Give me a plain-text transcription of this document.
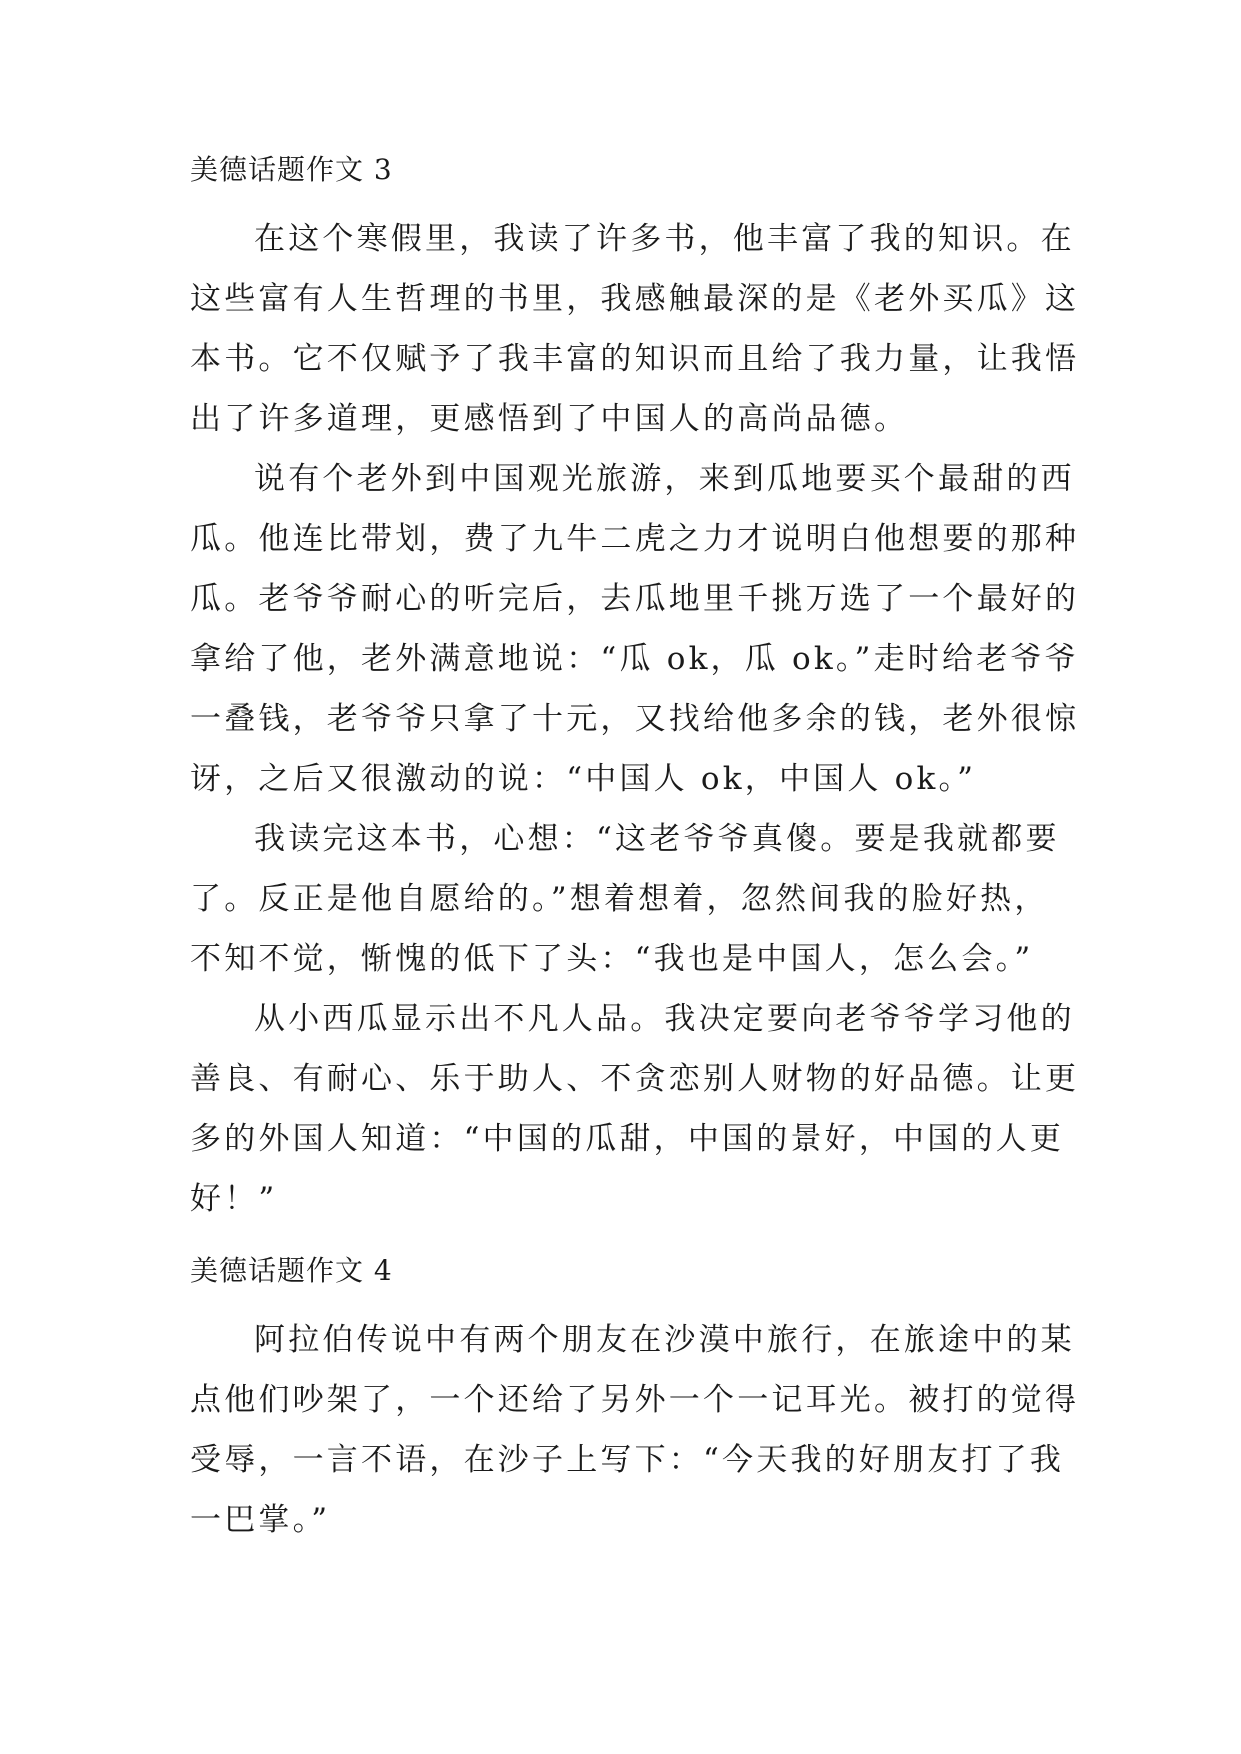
美德话题作文 3
在这个寒假里，我读了许多书，他丰富了我的知识。在
这些富有人生哲理的书里，我感触最深的是《老外买瓜》这
本书。它不仅赋予了我丰富的知识而且给了我力量，让我悟
出了许多道理，更感悟到了中国人的高尚品德。
说有个老外到中国观光旅游，来到瓜地要买个最甜的西
瓜。他连比带划，费了九牛二虎之力才说明白他想要的那种
瓜。老爷爷耐心的听完后，去瓜地里千挑万选了一个最好的
拿给了他，老外满意地说：“瓜 ok，瓜 ok。”走时给老爷爷
一叠钱，老爷爷只拿了十元，又找给他多余的钱，老外很惊
讶，之后又很激动的说：“中国人 ok，中国人 ok。”
我读完这本书，心想：“这老爷爷真傻。要是我就都要
了。反正是他自愿给的。”想着想着，忽然间我的脸好热，
不知不觉，惭愧的低下了头：“我也是中国人，怎么会。”
从小西瓜显示出不凡人品。我决定要向老爷爷学习他的
善良、有耐心、乐于助人、不贪恋别人财物的好品德。让更
多的外国人知道：“中国的瓜甜，中国的景好，中国的人更
好！”
美德话题作文 4
阿拉伯传说中有两个朋友在沙漠中旅行，在旅途中的某
点他们吵架了，一个还给了另外一个一记耳光。被打的觉得
受辱，一言不语，在沙子上写下：“今天我的好朋友打了我
一巴掌。”
